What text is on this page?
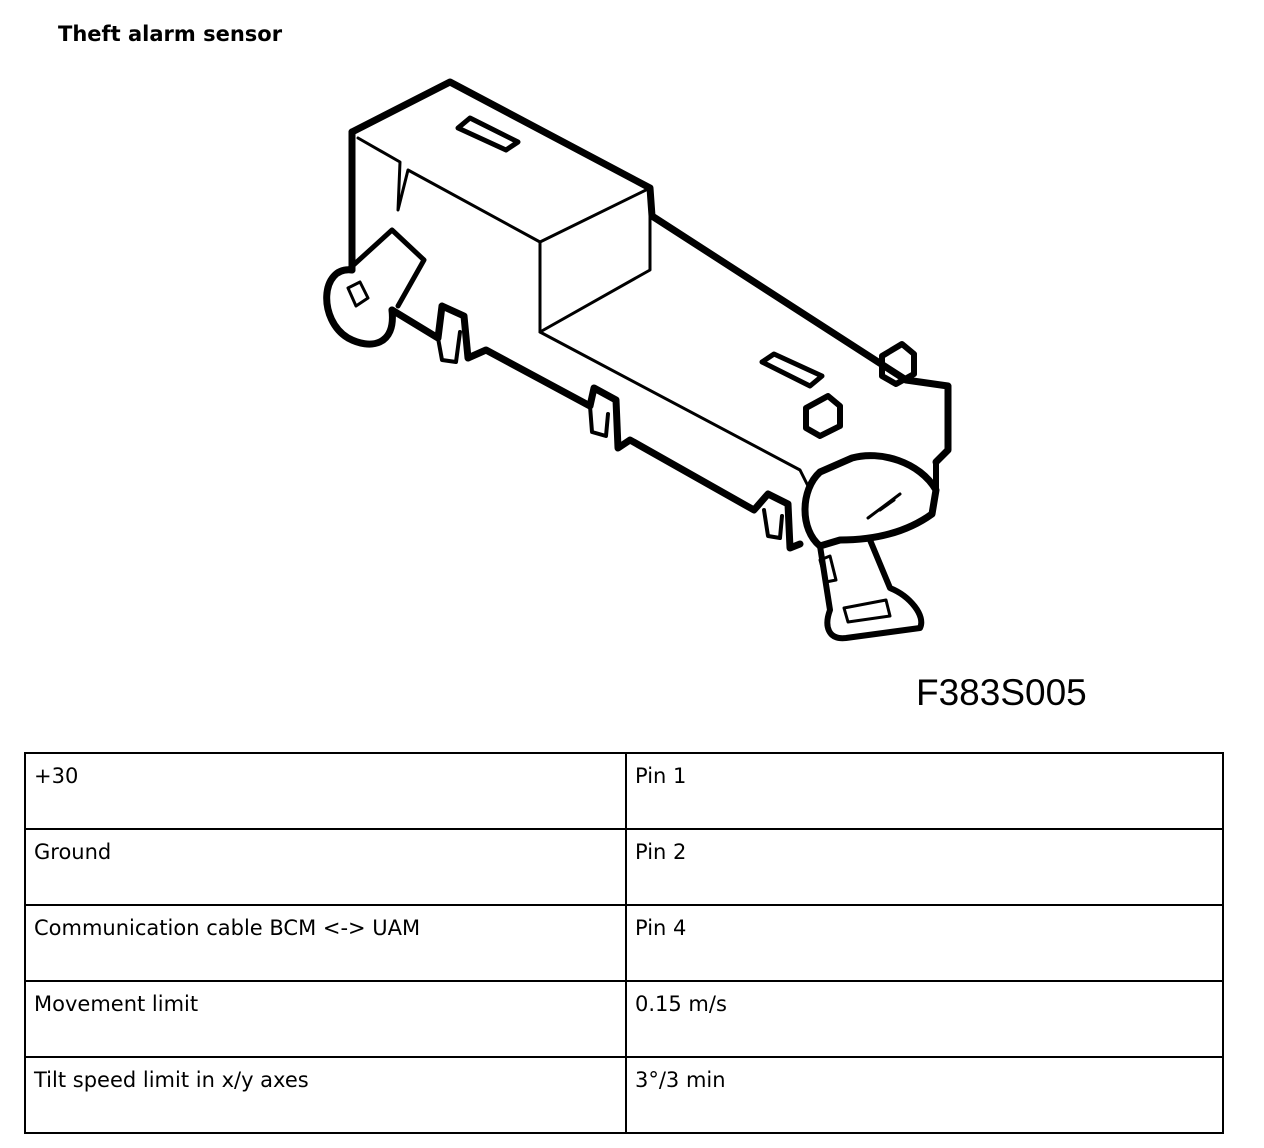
Theft alarm sensor
F383S005
+30	Pin 1
Ground	Pin 2
Communication cable BCM <-> UAM	Pin 4
Movement limit	0.15 m/s
Tilt speed limit in x/y axes	3°/3 min
